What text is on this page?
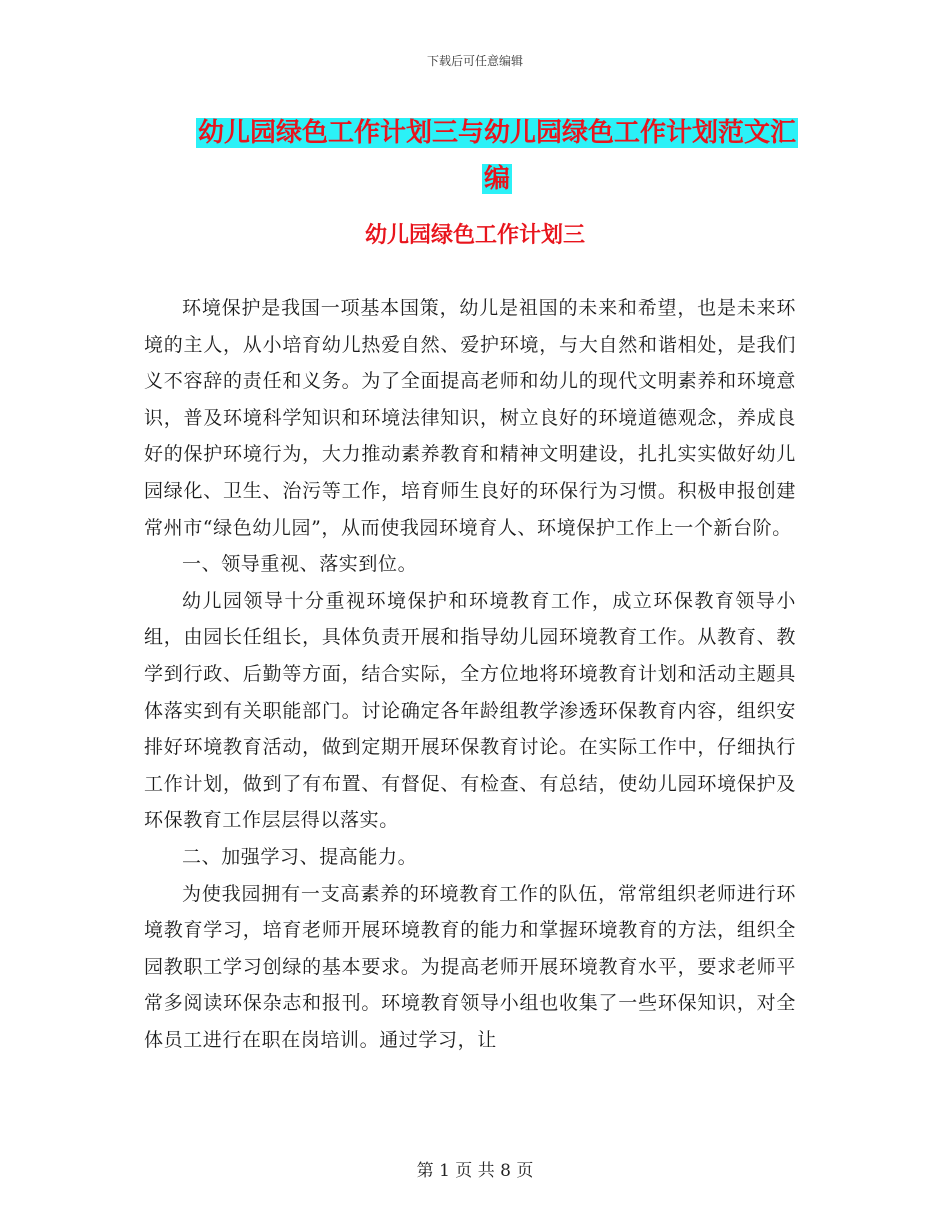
下载后可任意编辑
幼儿园绿色工作计划三与幼儿园绿色工作计划范文汇
编
幼儿园绿色工作计划三

环境保护是我国一项基本国策，幼儿是祖国的未来和希望，也是未来环境的主人，从小培育幼儿热爱自然、爱护环境，与大自然和谐相处，是我们义不容辞的责任和义务。为了全面提高老师和幼儿的现代文明素养和环境意识，普及环境科学知识和环境法律知识，树立良好的环境道德观念，养成良好的保护环境行为，大力推动素养教育和精神文明建设，扎扎实实做好幼儿园绿化、卫生、治污等工作，培育师生良好的环保行为习惯。积极申报创建常州市“绿色幼儿园”，从而使我园环境育人、环境保护工作上一个新台阶。

一、领导重视、落实到位。

幼儿园领导十分重视环境保护和环境教育工作，成立环保教育领导小组，由园长任组长，具体负责开展和指导幼儿园环境教育工作。从教育、教学到行政、后勤等方面，结合实际，全方位地将环境教育计划和活动主题具体落实到有关职能部门。讨论确定各年龄组教学渗透环保教育内容，组织安排好环境教育活动，做到定期开展环保教育讨论。在实际工作中，仔细执行工作计划，做到了有布置、有督促、有检查、有总结，使幼儿园环境保护及环保教育工作层层得以落实。

二、加强学习、提高能力。

为使我园拥有一支高素养的环境教育工作的队伍，常常组织老师进行环境教育学习，培育老师开展环境教育的能力和掌握环境教育的方法，组织全园教职工学习创绿的基本要求。为提高老师开展环境教育水平，要求老师平常多阅读环保杂志和报刊。环境教育领导小组也收集了一些环保知识，对全体员工进行在职在岗培训。通过学习，让

第 1 页 共 8 页
